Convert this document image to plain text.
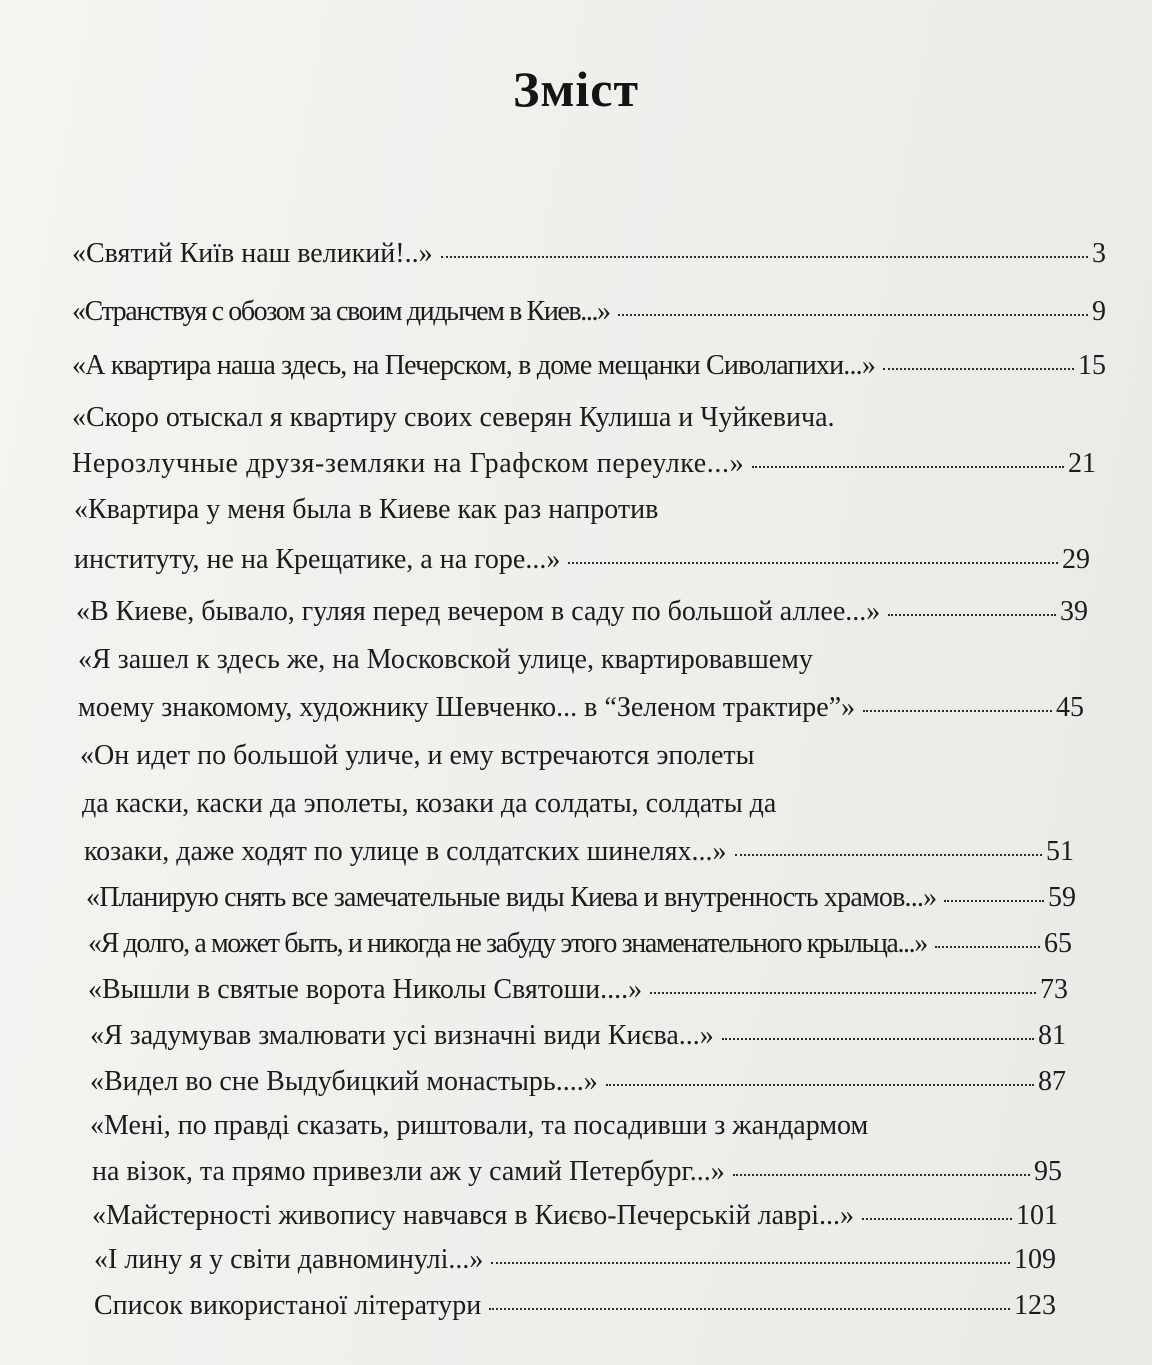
Зміст
«Святий Київ наш великий!..»	3
«Странствуя с обозом за своим дидычем в Киев...»	9
«А квартира наша здесь, на Печерском, в доме мещанки Сиволапихи...»	15
«Скоро отыскал я квартиру своих северян Кулиша и Чуйкевича.
Нерозлучные друзя-земляки на Графском переулке...»	21
«Квартира у меня была в Киеве как раз напротив
институту, не на Крещатике, а на горе...»	29
«В Киеве, бывало, гуляя перед вечером в саду по большой аллее...»	39
«Я зашел к здесь же, на Московской улице, квартировавшему
моему знакомому, художнику Шевченко... в “Зеленом трактире”»	45
«Он идет по большой уличе, и ему встречаются эполеты
да каски, каски да эполеты, козаки да солдаты, солдаты да
козаки, даже ходят по улице в солдатских шинелях...»	51
«Планирую снять все замечательные виды Киева и внутренность храмов...»	59
«Я долго, а может быть, и никогда не забуду этого знаменательного крыльца...»	65
«Вышли в святые ворота Николы Святоши....»	73
«Я задумував змалювати усі визначні види Києва...»	81
«Видел во сне Выдубицкий монастырь....»	87
«Мені, по правді сказать, риштовали, та посадивши з жандармом
на візок, та прямо привезли аж у самий Петербург...»	95
«Майстерності живопису навчався в Києво-Печерській лаврі...»	101
«І лину я у світи давноминулі...»	109
Список використаної літератури	123
